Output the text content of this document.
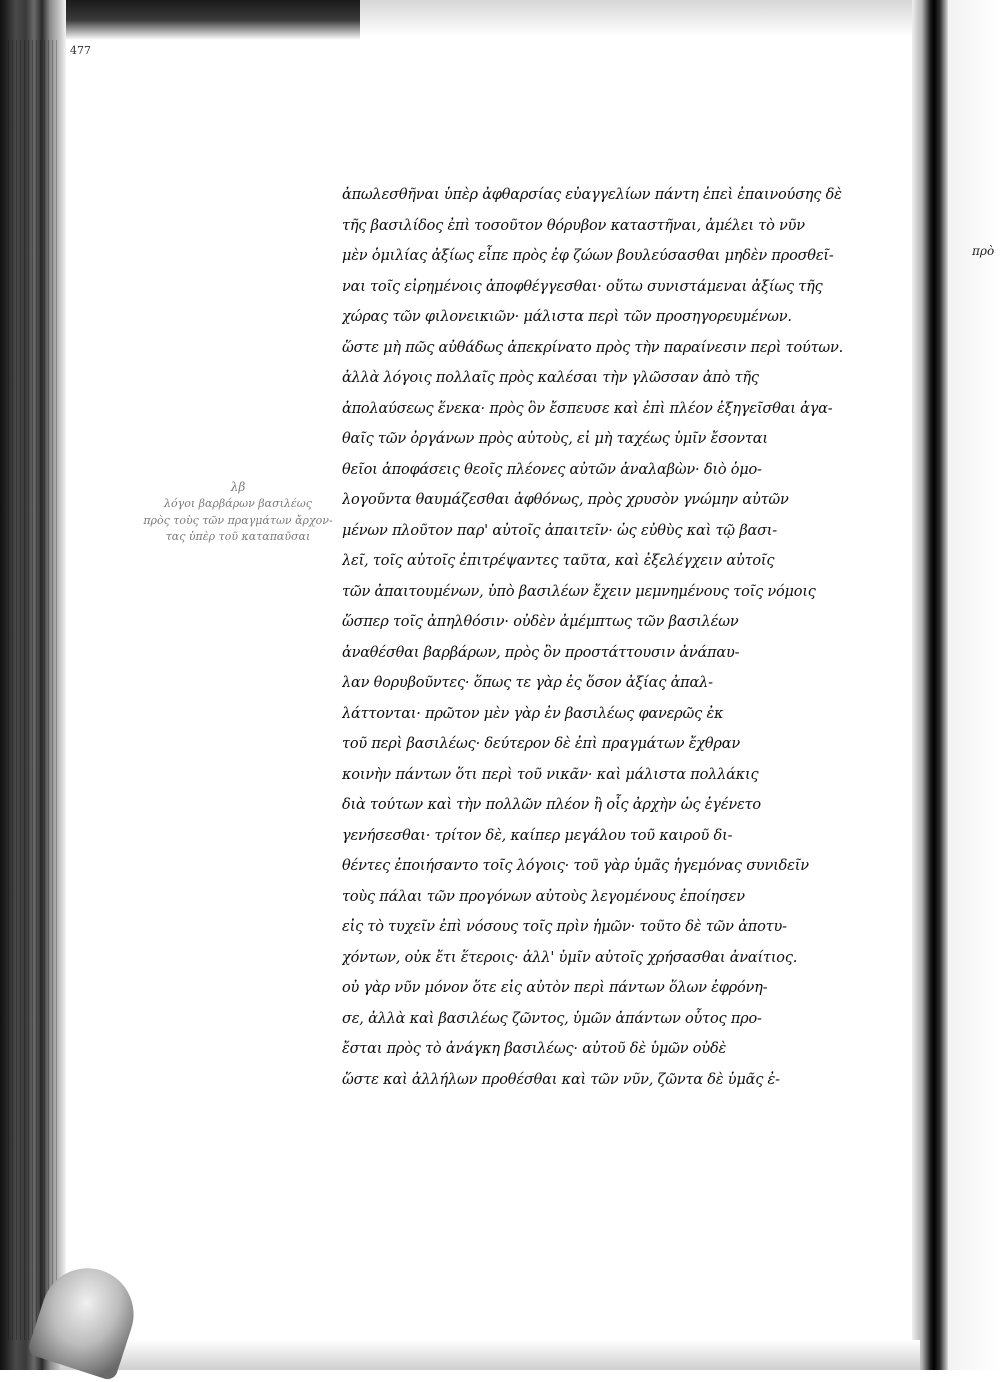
477
πρὸ
λβ
λόγοι βαρβάρων βασιλέως
πρὸς τοὺς τῶν πραγμάτων ἄρχον-
τας ὑπὲρ τοῦ καταπαῦσαι
ἀπωλεσθῆναι ὑπὲρ ἀφθαρσίας εὐαγγελίων πάντη ἐπεὶ ἐπαινούσης δὲ
τῆς βασιλίδος ἐπὶ τοσοῦτον θόρυβον καταστῆναι, ἀμέλει τὸ νῦν
μὲν ὁμιλίας ἀξίως εἶπε πρὸς ἐφ ζώων βουλεύσασθαι μηδὲν προσθεῖ-
ναι τοῖς εἰρημένοις ἀποφθέγγεσθαι· οὕτω συνιστάμεναι ἀξίως τῆς
χώρας τῶν φιλονεικιῶν· μάλιστα περὶ τῶν προσηγορευμένων.
ὥστε μὴ πῶς αὐθάδως ἀπεκρίνατο πρὸς τὴν παραίνεσιν περὶ τούτων.
ἀλλὰ λόγοις πολλαῖς πρὸς καλέσαι τὴν γλῶσσαν ἀπὸ τῆς
ἀπολαύσεως ἕνεκα· πρὸς ὃν ἔσπευσε καὶ ἐπὶ πλέον ἐξηγεῖσθαι ἀγα-
θαῖς τῶν ὀργάνων πρὸς αὐτοὺς, εἰ μὴ ταχέως ὑμῖν ἔσονται
θεῖοι ἀποφάσεις θεοῖς πλέονες αὐτῶν ἀναλαβὼν· διὸ ὁμο-
λογοῦντα θαυμάζεσθαι ἀφθόνως, πρὸς χρυσὸν γνώμην αὐτῶν
μένων πλοῦτον παρ' αὐτοῖς ἀπαιτεῖν· ὡς εὐθὺς καὶ τῷ βασι-
λεῖ, τοῖς αὐτοῖς ἐπιτρέψαντες ταῦτα, καὶ ἐξελέγχειν αὐτοῖς
τῶν ἀπαιτουμένων, ὑπὸ βασιλέων ἔχειν μεμνημένους τοῖς νόμοις
ὥσπερ τοῖς ἀπηλθόσιν· οὐδὲν ἀμέμπτως τῶν βασιλέων
ἀναθέσθαι βαρβάρων, πρὸς ὃν προστάττουσιν ἀνάπαυ-
λαν θορυβοῦντες· ὅπως τε γὰρ ἐς ὅσον ἀξίας ἀπαλ-
λάττονται· πρῶτον μὲν γὰρ ἐν βασιλέως φανερῶς ἐκ
τοῦ περὶ βασιλέως· δεύτερον δὲ ἐπὶ πραγμάτων ἔχθραν
κοινὴν πάντων ὅτι περὶ τοῦ νικᾶν· καὶ μάλιστα πολλάκις
διὰ τούτων καὶ τὴν πολλῶν πλέον ἢ οἷς ἀρχὴν ὡς ἐγένετο
γενήσεσθαι· τρίτον δὲ, καίπερ μεγάλου τοῦ καιροῦ δι-
θέντες ἐποιήσαντο τοῖς λόγοις· τοῦ γὰρ ὑμᾶς ἡγεμόνας συνιδεῖν
τοὺς πάλαι τῶν προγόνων αὐτοὺς λεγομένους ἐποίησεν
εἰς τὸ τυχεῖν ἐπὶ νόσους τοῖς πρὶν ἡμῶν· τοῦτο δὲ τῶν ἀποτυ-
χόντων, οὐκ ἔτι ἕτεροις· ἀλλ' ὑμῖν αὐτοῖς χρήσασθαι ἀναίτιος.
οὐ γὰρ νῦν μόνον ὅτε εἰς αὐτὸν περὶ πάντων ὅλων ἐφρόνη-
σε, ἀλλὰ καὶ βασιλέως ζῶντος, ὑμῶν ἀπάντων οὗτος προ-
ἔσται πρὸς τὸ ἀνάγκη βασιλέως· αὐτοῦ δὲ ὑμῶν οὐδὲ
ὥστε καὶ ἀλλήλων προθέσθαι καὶ τῶν νῦν, ζῶντα δὲ ὑμᾶς ἐ-
